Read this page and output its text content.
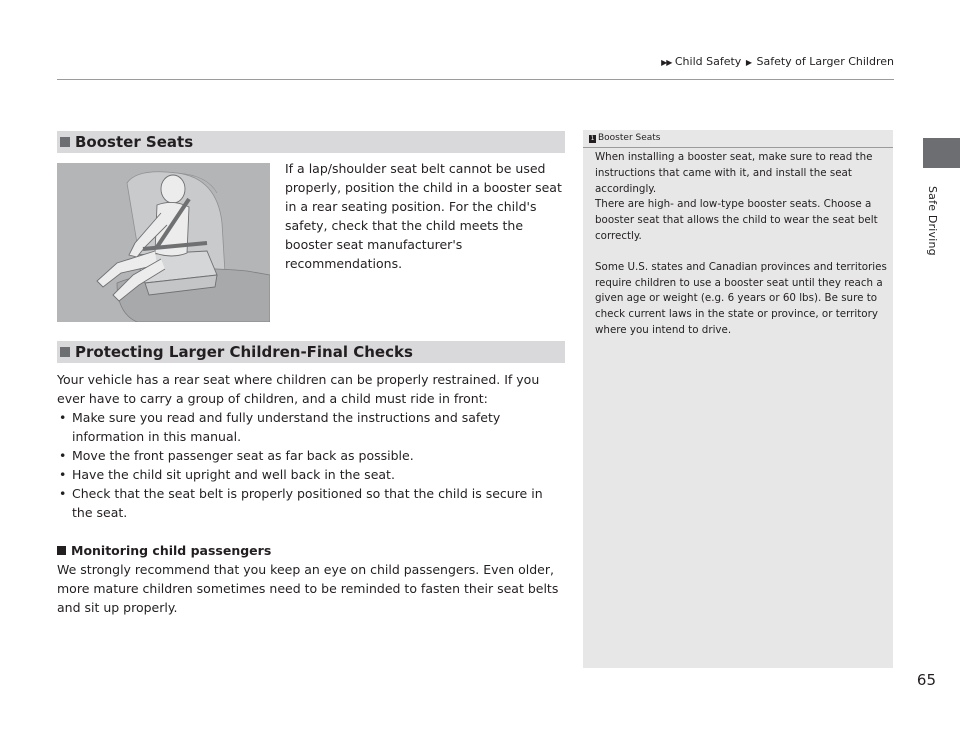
▶▶ Child Safety ▶ Safety of Larger Children
Safe Driving
Booster Seats
If a lap/shoulder seat belt cannot be used properly, position the child in a booster seat in a rear seating position. For the child's safety, check that the child meets the booster seat manufacturer's recommendations.
Protecting Larger Children-Final Checks

Your vehicle has a rear seat where children can be properly restrained. If you ever have to carry a group of children, and a child must ride in front:

• Make sure you read and fully understand the instructions and safety information in this manual.
• Move the front passenger seat as far back as possible.
• Have the child sit upright and well back in the seat.
• Check that the seat belt is properly positioned so that the child is secure in the seat.

Monitoring child passengers

We strongly recommend that you keep an eye on child passengers. Even older, more mature children sometimes need to be reminded to fasten their seat belts and sit up properly.

1 Booster Seats

When installing a booster seat, make sure to read the instructions that came with it, and install the seat accordingly.

There are high- and low-type booster seats. Choose a booster seat that allows the child to wear the seat belt correctly.

Some U.S. states and Canadian provinces and territories require children to use a booster seat until they reach a given age or weight (e.g. 6 years or 60 lbs). Be sure to check current laws in the state or province, or territory where you intend to drive.

65
